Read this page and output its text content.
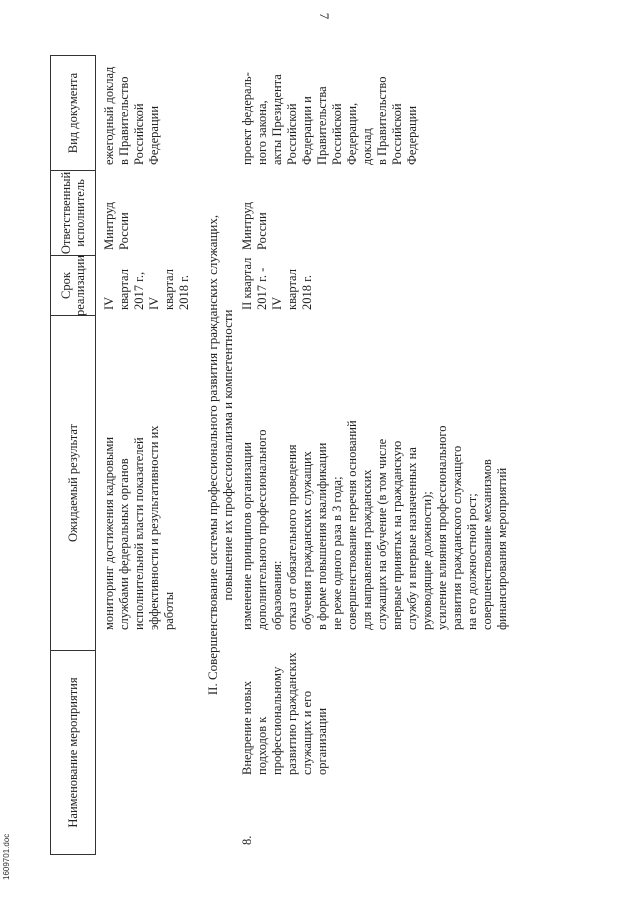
7
Наименование мероприятия
Ожидаемый результат
Срок реализации
Ответственный исполнитель
Вид документа
мониторинг достижения кадровыми
службами федеральных органов
исполнительной власти показателей
эффективности и результативности их
работы
IV квартал
2017 г.,
IV квартал
2018 г.
Минтруд
России
ежегодный доклад
в Правительство
Российской
Федерации
II. Совершенствование системы профессионального развития гражданских служащих,
повышение их профессионализма и компетентности
8.
Внедрение новых
подходов к
профессиональному
развитию гражданских
служащих и его
организации
изменение принципов организации
дополнительного профессионального
образования:
отказ от обязательного проведения
обучения гражданских служащих
в форме повышения квалификации
не реже одного раза в 3 года;
совершенствование перечня оснований
для направления гражданских
служащих на обучение (в том числе
впервые принятых на гражданскую
службу и впервые назначенных на
руководящие должности);
усиление влияния профессионального
развития гражданского служащего
на его должностной рост;
совершенствование механизмов
финансирования мероприятий
II квартал
2017 г. -
IV квартал
2018 г.
Минтруд
России
проект федераль-
ного закона,
акты Президента
Российской
Федерации и
Правительства
Российской
Федерации,
доклад
в Правительство
Российской
Федерации
1609701.doc
